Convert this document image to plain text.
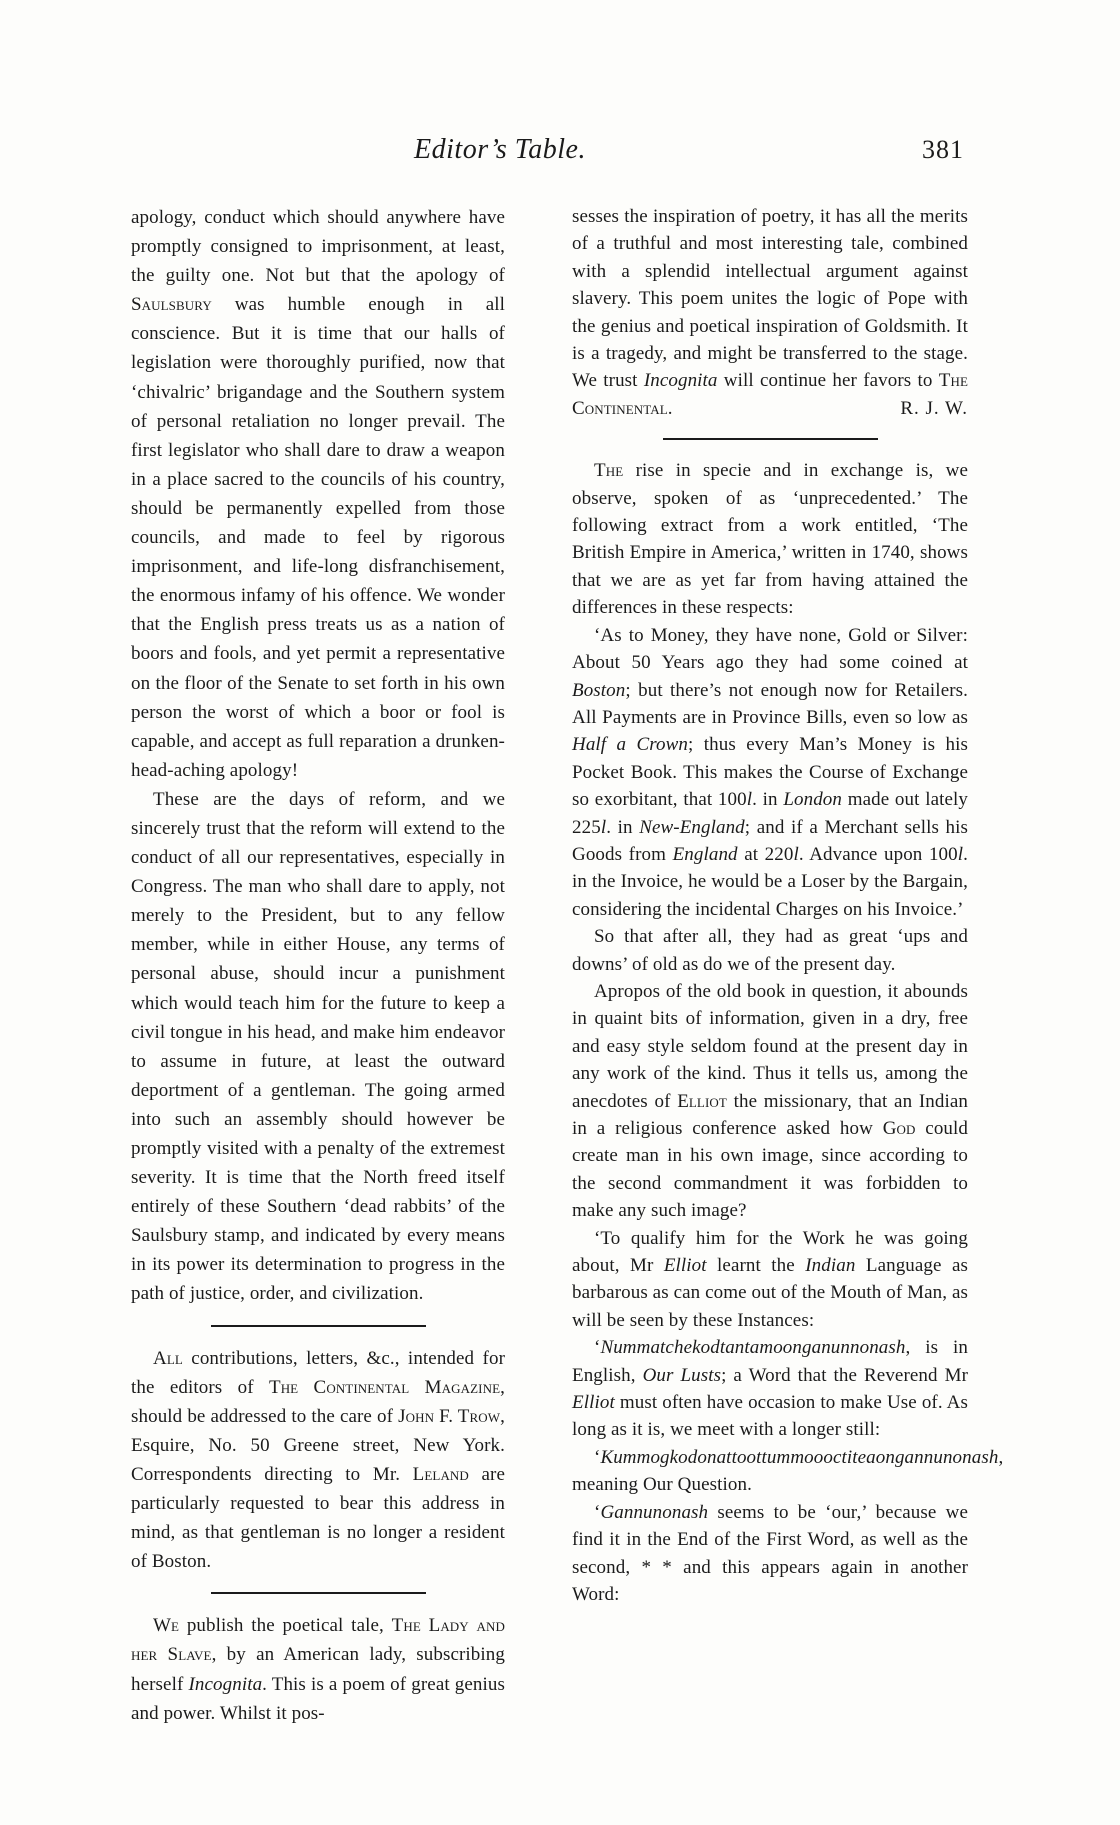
Editor’s Table.	381

apology, conduct which should anywhere have promptly consigned to imprisonment, at least, the guilty one. Not but that the apology of Saulsbury was humble enough in all conscience. But it is time that our halls of legislation were thoroughly purified, now that ‘chivalric’ brigandage and the Southern system of personal retaliation no longer prevail. The first legislator who shall dare to draw a weapon in a place sacred to the councils of his country, should be permanently expelled from those councils, and made to feel by rigorous imprisonment, and life-long disfranchisement, the enormous infamy of his offence. We wonder that the English press treats us as a nation of boors and fools, and yet permit a representative on the floor of the Senate to set forth in his own person the worst of which a boor or fool is capable, and accept as full reparation a drunken-head-aching apology!

These are the days of reform, and we sincerely trust that the reform will extend to the conduct of all our representatives, especially in Congress. The man who shall dare to apply, not merely to the President, but to any fellow member, while in either House, any terms of personal abuse, should incur a punishment which would teach him for the future to keep a civil tongue in his head, and make him endeavor to assume in future, at least the outward deportment of a gentleman. The going armed into such an assembly should however be promptly visited with a penalty of the extremest severity. It is time that the North freed itself entirely of these Southern ‘dead rabbits’ of the Saulsbury stamp, and indicated by every means in its power its determination to progress in the path of justice, order, and civilization.

All contributions, letters, &c., intended for the editors of The Continental Magazine, should be addressed to the care of John F. Trow, Esquire, No. 50 Greene street, New York. Correspondents directing to Mr. Leland are particularly requested to bear this address in mind, as that gentleman is no longer a resident of Boston.

We publish the poetical tale, The Lady and her Slave, by an American lady, subscribing herself Incognita. This is a poem of great genius and power. Whilst it pos-

sesses the inspiration of poetry, it has all the merits of a truthful and most interesting tale, combined with a splendid intellectual argument against slavery. This poem unites the logic of Pope with the genius and poetical inspiration of Goldsmith. It is a tragedy, and might be transferred to the stage. We trust Incognita will continue her favors to The Continental.	R. J. W.

The rise in specie and in exchange is, we observe, spoken of as ‘unprecedented.’ The following extract from a work entitled, ‘The British Empire in America,’ written in 1740, shows that we are as yet far from having attained the differences in these respects:

‘As to Money, they have none, Gold or Silver: About 50 Years ago they had some coined at Boston; but there’s not enough now for Retailers. All Payments are in Province Bills, even so low as Half a Crown; thus every Man’s Money is his Pocket Book. This makes the Course of Exchange so exorbitant, that 100l. in London made out lately 225l. in New-England; and if a Merchant sells his Goods from England at 220l. Advance upon 100l. in the Invoice, he would be a Loser by the Bargain, considering the incidental Charges on his Invoice.’

So that after all, they had as great ‘ups and downs’ of old as do we of the present day.

Apropos of the old book in question, it abounds in quaint bits of information, given in a dry, free and easy style seldom found at the present day in any work of the kind. Thus it tells us, among the anecdotes of Elliot the missionary, that an Indian in a religious conference asked how God could create man in his own image, since according to the second commandment it was forbidden to make any such image?

‘To qualify him for the Work he was going about, Mr Elliot learnt the Indian Language as barbarous as can come out of the Mouth of Man, as will be seen by these Instances:

‘Nummatchekodtantamoonganunnonash, is in English, Our Lusts; a Word that the Reverend Mr Elliot must often have occasion to make Use of. As long as it is, we meet with a longer still:

‘Kummogkodonattoottummoooctiteaongannunonash, meaning Our Question.

‘Gannunonash seems to be ‘our,’ because we find it in the End of the First Word, as well as the second, * * and this appears again in another Word:
